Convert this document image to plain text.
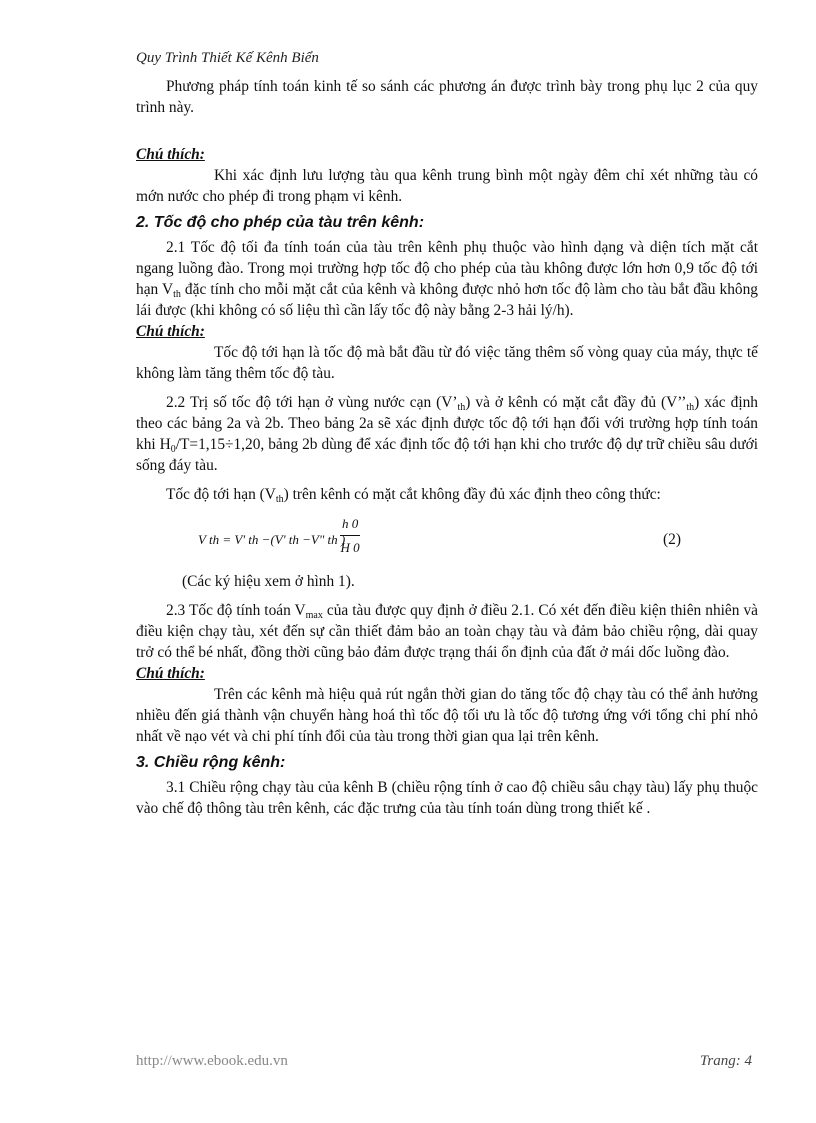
Quy Trình Thiết Kế Kênh Biển

Phương pháp tính toán kinh tế so sánh các phương án được trình bày trong phụ lục 2 của quy trình này.

Chú thích:

Khi xác định lưu lượng tàu qua kênh trung bình một ngày đêm chỉ xét những tàu có mớn nước cho phép đi trong phạm vi kênh.

2. Tốc độ cho phép của tàu trên kênh:

2.1 Tốc độ tối đa tính toán của tàu trên kênh phụ thuộc vào hình dạng và diện tích mặt cắt ngang luồng đào. Trong mọi trường hợp tốc độ cho phép của tàu không được lớn hơn 0,9 tốc độ tới hạn $V_{th}$ đặc tính cho mỗi mặt cắt của kênh và không được nhỏ hơn tốc độ làm cho tàu bắt đầu không lái được (khi không có số liệu thì cần lấy tốc độ này bằng 2-3 hải lý/h).

Chú thích:

Tốc độ tới hạn là tốc độ mà bắt đầu từ đó việc tăng thêm số vòng quay của máy, thực tế không làm tăng thêm tốc độ tàu.

2.2 Trị số tốc độ tới hạn ở vùng nước cạn $(V’_{th})$ và ở kênh có mặt cắt đầy đủ $(V’’_{th})$ xác định theo các bảng 2a và 2b. Theo bảng 2a sẽ xác định được tốc độ tới hạn đối với trường hợp tính toán khi $H_0/T=1,15\div 1,20$, bảng 2b dùng để xác định tốc độ tới hạn khi cho trước độ dự trữ chiều sâu dưới sống đáy tàu.

Tốc độ tới hạn $(V_{th})$ trên kênh có mặt cắt không đầy đủ xác định theo công thức:

V th = V' th −(V' th −V" th )
$\frac{h 0}{H 0}$	(2)

(Các ký hiệu xem ở hình 1).

2.3 Tốc độ tính toán $V_{max}$ của tàu được quy định ở điều 2.1. Có xét đến điều kiện thiên nhiên và điều kiện chạy tàu, xét đến sự cần thiết đảm bảo an toàn chạy tàu và đảm bảo chiều rộng, dài quay trở có thể bé nhất, đồng thời cũng bảo đảm được trạng thái ổn định của đất ở mái dốc luồng đào.

Chú thích:

Trên các kênh mà hiệu quả rút ngắn thời gian do tăng tốc độ chạy tàu có thể ảnh hưởng nhiều đến giá thành vận chuyển hàng hoá thì tốc độ tối ưu là tốc độ tương ứng với tổng chi phí nhỏ nhất về nạo vét và chi phí tính đổi của tàu trong thời gian qua lại trên kênh.

3. Chiều rộng kênh:

3.1 Chiều rộng chạy tàu của kênh B (chiều rộng tính ở cao độ chiều sâu chạy tàu) lấy phụ thuộc vào chế độ thông tàu trên kênh, các đặc trưng của tàu tính toán dùng trong thiết kế .

http://www.ebook.edu.vn	Trang: 4
